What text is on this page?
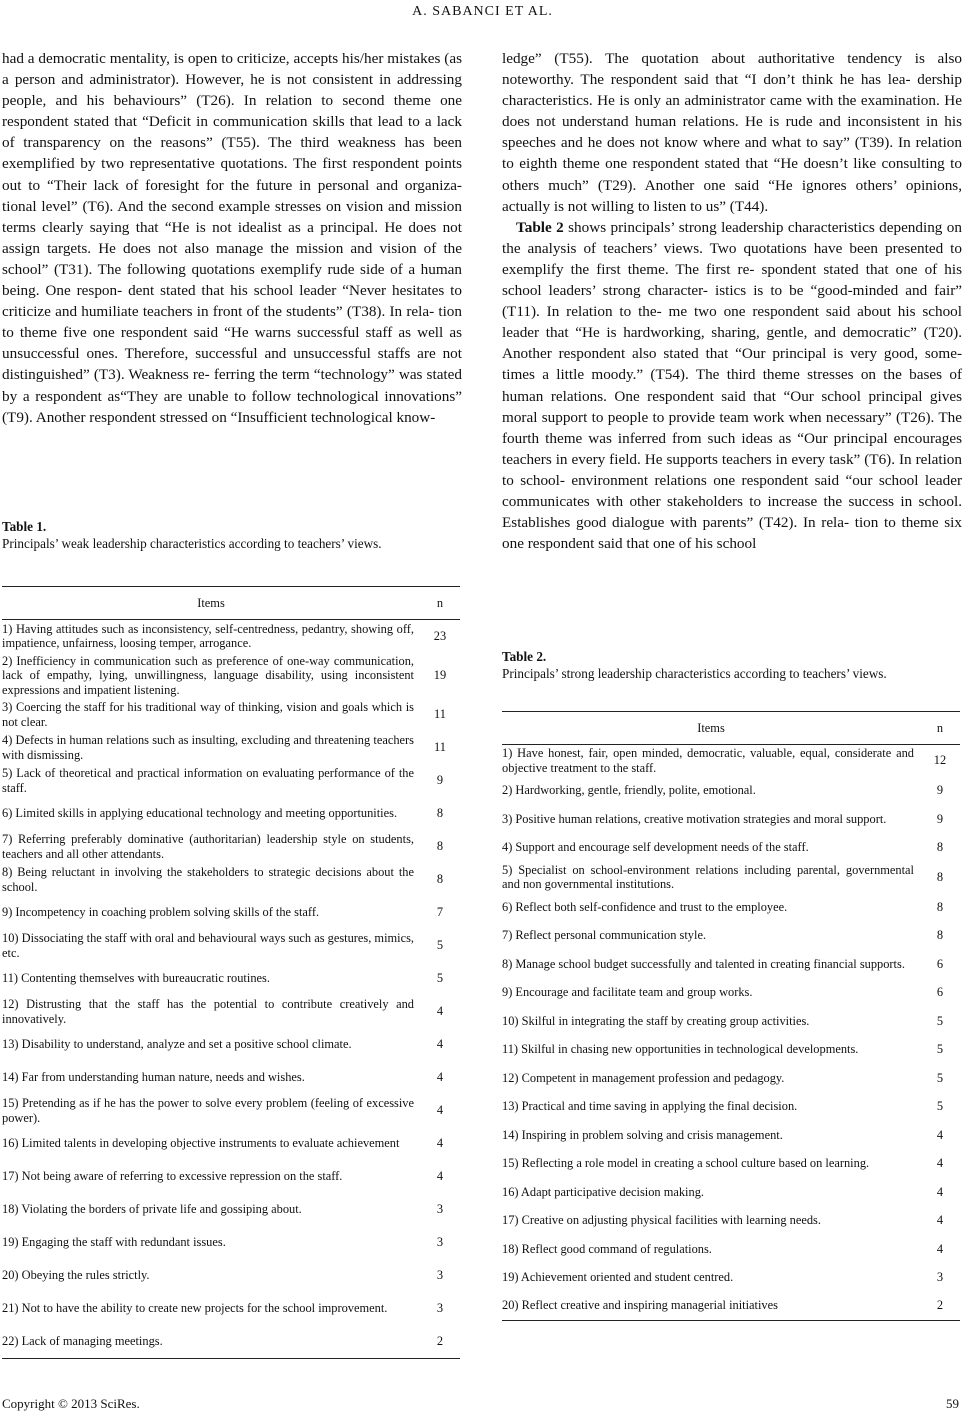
A. SABANCI ET AL.

had a democratic mentality, is open to criticize, accepts his/her mistakes (as a person and administrator). However, he is not consistent in addressing people, and his behaviours” (T26). In relation to second theme one respondent stated that “Deficit in communication skills that lead to a lack of transparency on the reasons” (T55). The third weakness has been exemplified by two representative quotations. The first respondent points out to “Their lack of foresight for the future in personal and organiza- tional level” (T6). And the second example stresses on vision and mission terms clearly saying that “He is not idealist as a principal. He does not assign targets. He does not also manage the mission and vision of the school” (T31). The following quotations exemplify rude side of a human being. One respon- dent stated that his school leader “Never hesitates to criticize and humiliate teachers in front of the students” (T38). In rela- tion to theme five one respondent said “He warns successful staff as well as unsuccessful ones. Therefore, successful and unsuccessful staffs are not distinguished” (T3). Weakness re- ferring the term “technology” was stated by a respondent as“They are unable to follow technological innovations” (T9). Another respondent stressed on “Insufficient technological know-

Table 1.
Principals’ weak leadership characteristics according to teachers’ views.
Items	n
1) Having attitudes such as inconsistency, self-centredness, pedantry, showing off, impatience, unfairness, loosing temper, arrogance.	23
2) Inefficiency in communication such as preference of one-way communication, lack of empathy, lying, unwillingness, language disability, using inconsistent expressions and impatient listening.	19
3) Coercing the staff for his traditional way of thinking, vision and goals which is not clear.	11
4) Defects in human relations such as insulting, excluding and threatening teachers with dismissing.	11
5) Lack of theoretical and practical information on evaluating performance of the staff.	9
6) Limited skills in applying educational technology and meeting opportunities.	8
7) Referring preferably dominative (authoritarian) leadership style on students, teachers and all other attendants.	8
8) Being reluctant in involving the stakeholders to strategic decisions about the school.	8
9) Incompetency in coaching problem solving skills of the staff.	7
10) Dissociating the staff with oral and behavioural ways such as gestures, mimics, etc.	5
11) Contenting themselves with bureaucratic routines.	5
12) Distrusting that the staff has the potential to contribute creatively and innovatively.	4
13) Disability to understand, analyze and set a positive school climate.	4
14) Far from understanding human nature, needs and wishes.	4
15) Pretending as if he has the power to solve every problem (feeling of excessive power).	4
16) Limited talents in developing objective instruments to evaluate achievement	4
17) Not being aware of referring to excessive repression on the staff.	4
18) Violating the borders of private life and gossiping about.	3
19) Engaging the staff with redundant issues.	3
20) Obeying the rules strictly.	3
21) Not to have the ability to create new projects for the school improvement.	3
22) Lack of managing meetings.	2

ledge” (T55). The quotation about authoritative tendency is also noteworthy. The respondent said that “I don’t think he has lea- dership characteristics. He is only an administrator came with the examination. He does not understand human relations. He is rude and inconsistent in his speeches and he does not know where and what to say” (T39). In relation to eighth theme one respondent stated that “He doesn’t like consulting to others much” (T29). Another one said “He ignores others’ opinions, actually is not willing to listen to us” (T44).

Table 2 shows principals’ strong leadership characteristics depending on the analysis of teachers’ views. Two quotations have been presented to exemplify the first theme. The first re- spondent stated that one of his school leaders’ strong character- istics is to be “good-minded and fair” (T11). In relation to the- me two one respondent said about his school leader that “He is hardworking, sharing, gentle, and democratic” (T20). Another respondent also stated that “Our principal is very good, some- times a little moody.” (T54). The third theme stresses on the bases of human relations. One respondent said that “Our school principal gives moral support to people to provide team work when necessary” (T26). The fourth theme was inferred from such ideas as “Our principal encourages teachers in every field. He supports teachers in every task” (T6). In relation to school- environment relations one respondent said “our school leader communicates with other stakeholders to increase the success in school. Establishes good dialogue with parents” (T42). In rela- tion to theme six one respondent said that one of his school

Table 2.
Principals’ strong leadership characteristics according to teachers’ views.
Items	n
1) Have honest, fair, open minded, democratic, valuable, equal, considerate and objective treatment to the staff.	12
2) Hardworking, gentle, friendly, polite, emotional.	9
3) Positive human relations, creative motivation strategies and moral support.	9
4) Support and encourage self development needs of the staff.	8
5) Specialist on school-environment relations including parental, governmental and non governmental institutions.	8
6) Reflect both self-confidence and trust to the employee.	8
7) Reflect personal communication style.	8
8) Manage school budget successfully and talented in creating financial supports.	6
9) Encourage and facilitate team and group works.	6
10) Skilful in integrating the staff by creating group activities.	5
11) Skilful in chasing new opportunities in technological developments.	5
12) Competent in management profession and pedagogy.	5
13) Practical and time saving in applying the final decision.	5
14) Inspiring in problem solving and crisis management.	4
15) Reflecting a role model in creating a school culture based on learning.	4
16) Adapt participative decision making.	4
17) Creative on adjusting physical facilities with learning needs.	4
18) Reflect good command of regulations.	4
19) Achievement oriented and student centred.	3
20) Reflect creative and inspiring managerial initiatives	2
Copyright © 2013 SciRes.	59
